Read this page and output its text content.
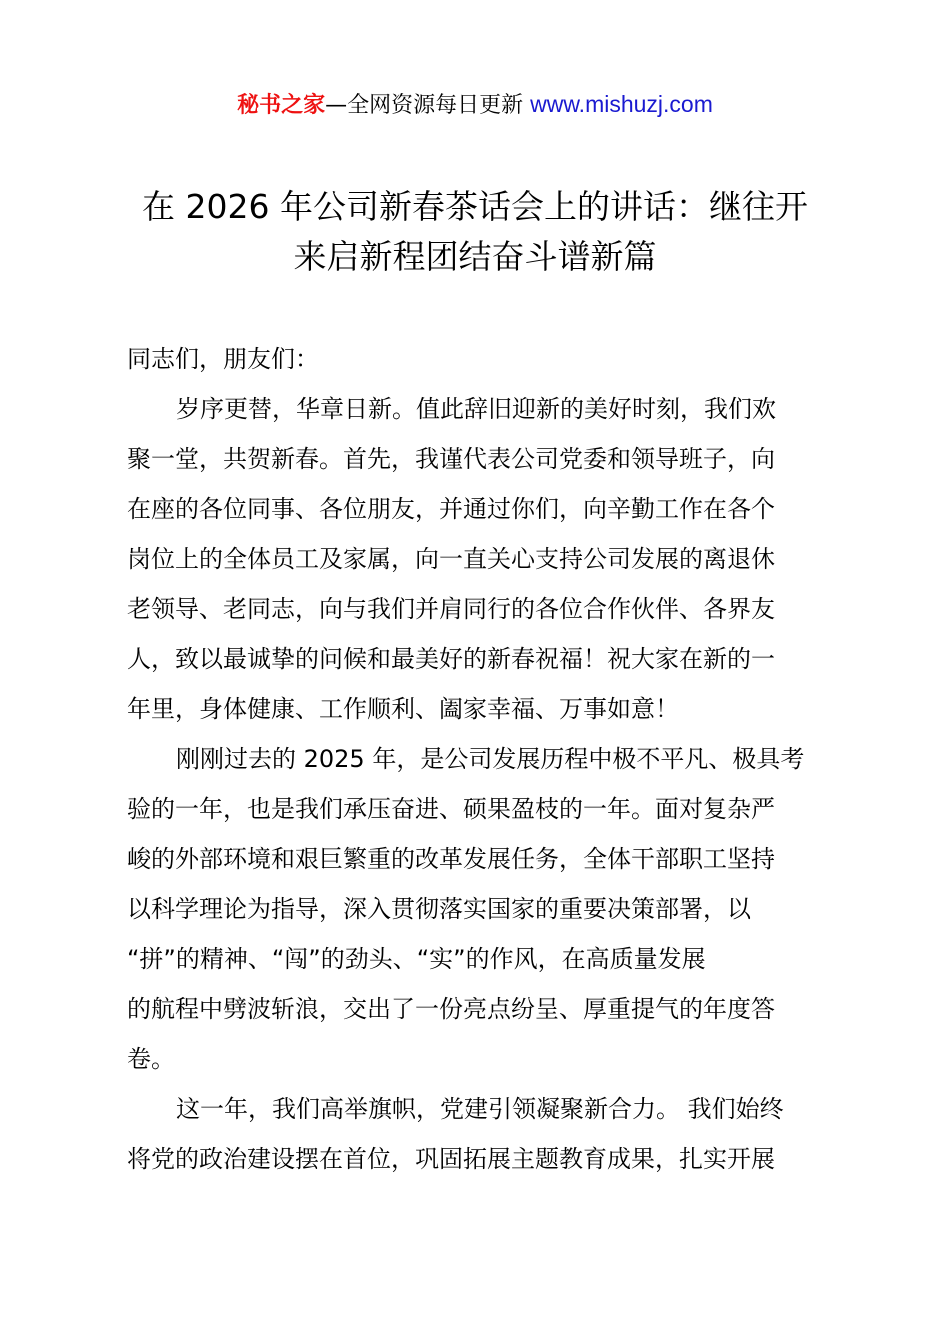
秘书之家—全网资源每日更新 www.mishuzj.com
在 2026 年公司新春茶话会上的讲话：继往开
来启新程团结奋斗谱新篇
同志们，朋友们：
岁序更替，华章日新。值此辞旧迎新的美好时刻，我们欢
聚一堂，共贺新春。首先，我谨代表公司党委和领导班子，向
在座的各位同事、各位朋友，并通过你们，向辛勤工作在各个
岗位上的全体员工及家属，向一直关心支持公司发展的离退休
老领导、老同志，向与我们并肩同行的各位合作伙伴、各界友
人，致以最诚挚的问候和最美好的新春祝福！祝大家在新的一
年里，身体健康、工作顺利、阖家幸福、万事如意！
刚刚过去的 2025 年，是公司发展历程中极不平凡、极具考
验的一年，也是我们承压奋进、硕果盈枝的一年。面对复杂严
峻的外部环境和艰巨繁重的改革发展任务，全体干部职工坚持
以科学理论为指导，深入贯彻落实国家的重要决策部署，以
“拼”的精神、“闯”的劲头、“实”的作风，在高质量发展
的航程中劈波斩浪，交出了一份亮点纷呈、厚重提气的年度答
卷。
这一年，我们高举旗帜，党建引领凝聚新合力。 我们始终
将党的政治建设摆在首位，巩固拓展主题教育成果，扎实开展
